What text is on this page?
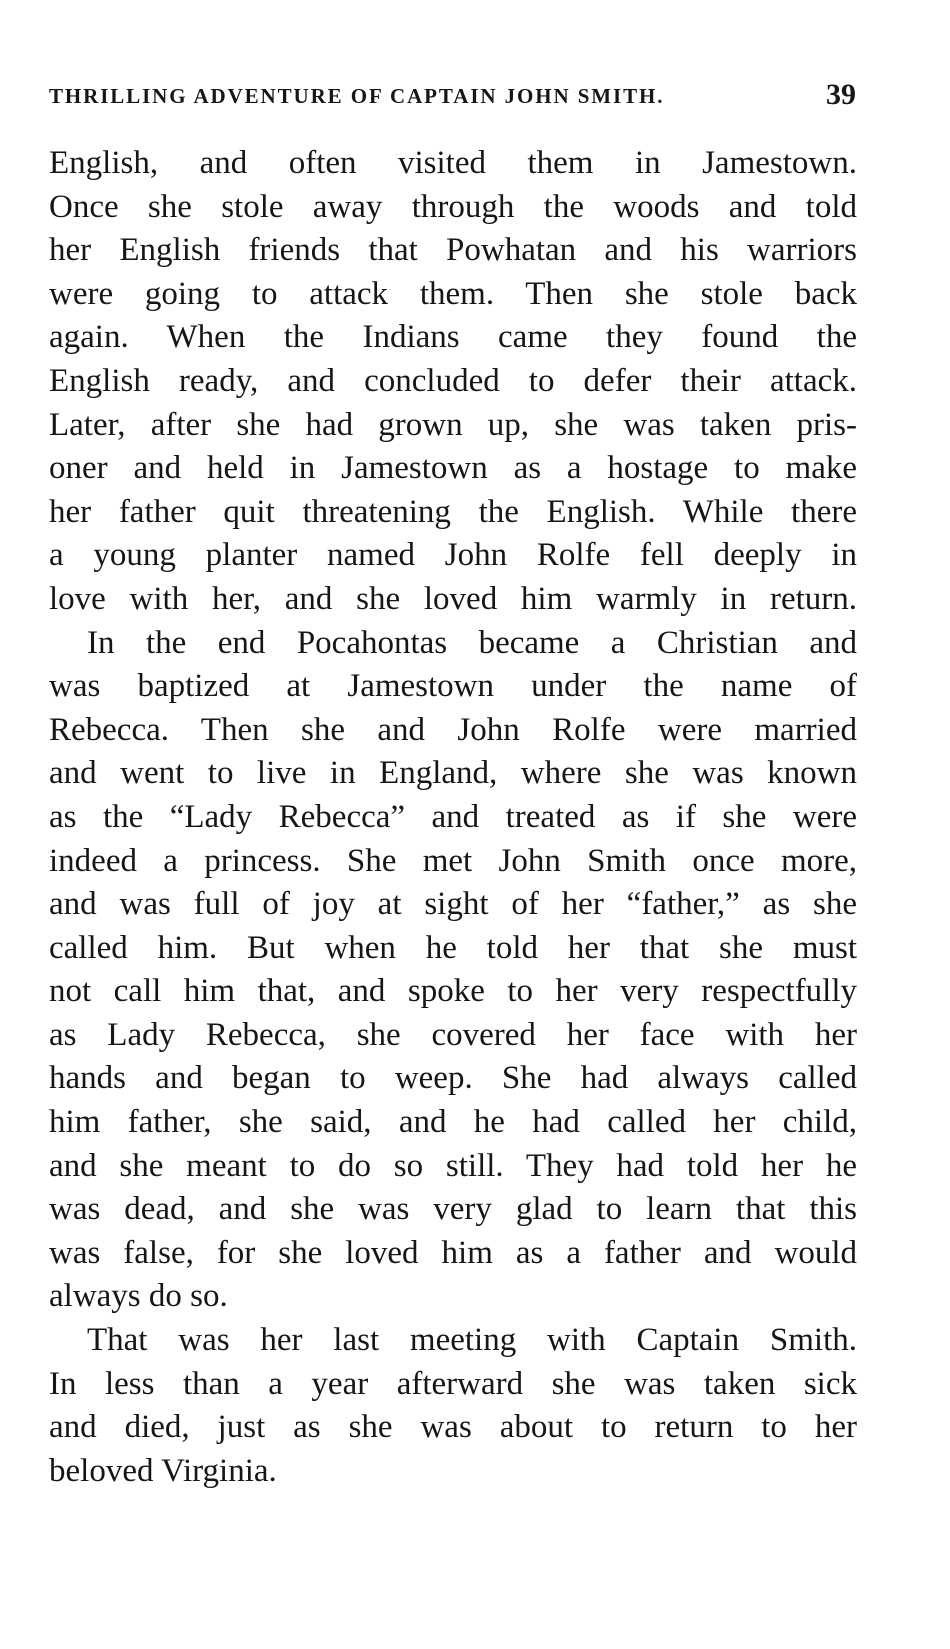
THRILLING ADVENTURE OF CAPTAIN JOHN SMITH.	39
English, and often visited them in Jamestown.
Once she stole away through the woods and told
her English friends that Powhatan and his warriors
were going to attack them. Then she stole back
again. When the Indians came they found the
English ready, and concluded to defer their attack.
Later, after she had grown up, she was taken pris-
oner and held in Jamestown as a hostage to make
her father quit threatening the English. While there
a young planter named John Rolfe fell deeply in
love with her, and she loved him warmly in return.
In the end Pocahontas became a Christian and
was baptized at Jamestown under the name of
Rebecca. Then she and John Rolfe were married
and went to live in England, where she was known
as the “Lady Rebecca” and treated as if she were
indeed a princess. She met John Smith once more,
and was full of joy at sight of her “father,” as she
called him. But when he told her that she must
not call him that, and spoke to her very respectfully
as Lady Rebecca, she covered her face with her
hands and began to weep. She had always called
him father, she said, and he had called her child,
and she meant to do so still. They had told her he
was dead, and she was very glad to learn that this
was false, for she loved him as a father and would
always do so.
That was her last meeting with Captain Smith.
In less than a year afterward she was taken sick
and died, just as she was about to return to her
beloved Virginia.
